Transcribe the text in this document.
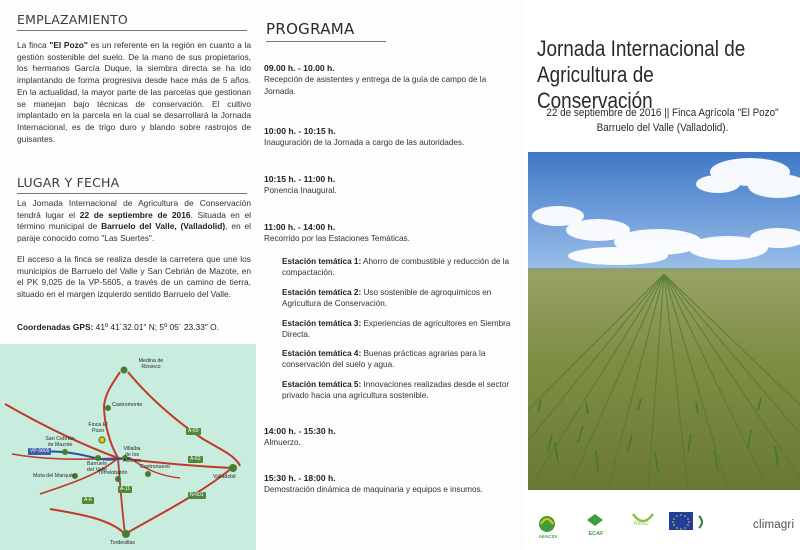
EMPLAZAMIENTO
La finca "El Pozo" es un referente en la región en cuanto a la gestión sostenible del suelo. De la mano de sus propietarios, los hermanos García Duque, la siembra directa se ha ido implantando de forma progresiva desde hace más de 5 años. En la actualidad, la mayor parte de las parcelas que gestionan se manejan bajo técnicas de conservación. El cultivo implantado en la parcela en la cual se desarrollará la Jornada Internacional, es de trigo duro y blando sobre rastrojos de guisantes.
LUGAR Y FECHA
La Jornada Internacional de Agricultura de Conservación tendrá lugar el 22 de septiembre de 2016. Situada en el término municipal de Barruelo del Valle, (Valladolid), en el paraje conocido como "Las Suertes".
El acceso a la finca se realiza desde la carretera que une los municipios de Barruelo del Valle y San Cebrián de Mazote, en el PK 9,025 de la VP-5605, a través de un camino de tierra, situado en el margen izquierdo sentido Barruelo del Valle.
Coordenadas GPS: 41º 41´32.01" N; 5º 05´ 23.33" O.
Medina de Rioseco
Castromonte
Finca El Pozo
San Cebrián de Mazote
Barruelo del Valle
Villalba de los Alcores
Torrelobatón
Mota del Marqués
Castronuevo
Valladolid
Tordesillas
A-60
A-62
VP-5605
A-11
N-601
A-6
PROGRAMA
09.00 h. - 10.00 h.
Recepción de asistentes y entrega de la guía de campo de la Jornada.
10:00 h. - 10:15 h.
Inauguración de la Jornada a cargo de las autoridades.
10:15 h. - 11:00 h.
Ponencia Inaugural.
11:00 h. - 14:00 h.
Recorrido por las Estaciones Temáticas.
Estación temática 1: Ahorro de combustible y reducción de la compactación.
Estación temática 2: Uso sostenible de agroquímicos en Agricultura de Conservación.
Estación temática 3: Experiencias de agricultores en Siembra Directa.
Estación temática 4: Buenas prácticas agrarias para la conservación del suelo y agua.
Estación temática 5: Innovaciones realizadas desde el sector privado hacia una agricultura sostenible.
14:00 h. - 15:30 h.
Almuerzo.
15:30 h. - 18:00 h.
Demostración dinámica de maquinaria y equipos e insumos.
Jornada Internacional de
Agricultura de Conservación
22 de septiembre de 2016 || Finca Agrícola "El Pozo"
Barruelo del Valle (Valladolid).
AEACSV	ECAF
AVAC	climagri
